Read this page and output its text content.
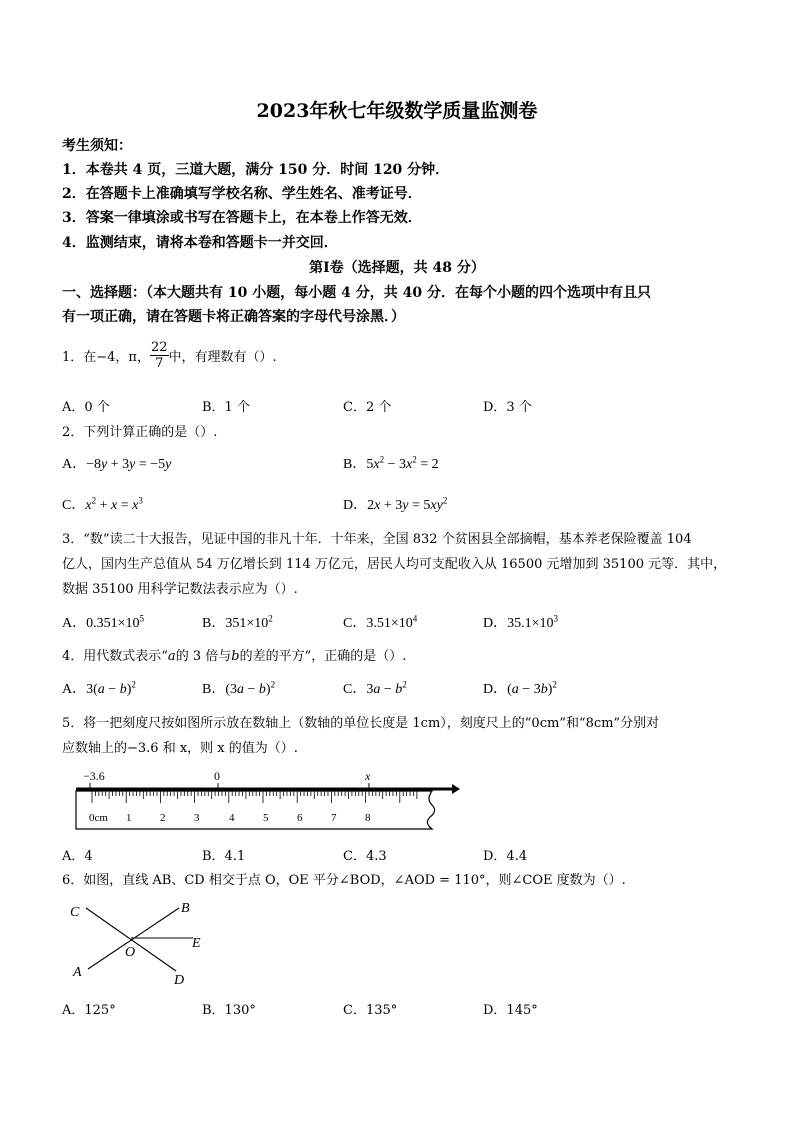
2023年秋七年级数学质量监测卷
考生须知：
1．本卷共 4 页，三道大题，满分 150 分．时间 120 分钟．
2．在答题卡上准确填写学校名称、学生姓名、准考证号．
3．答案一律填涂或书写在答题卡上，在本卷上作答无效．
4．监测结束，请将本卷和答题卡一并交回．
第Ⅰ卷（选择题，共 48 分）
一、选择题：（本大题共有 10 小题，每小题 4 分，共 40 分．在每个小题的四个选项中有且只
有一项正确，请在答题卡将正确答案的字母代号涂黑．）
1．在−4，π， $\frac{22}{7}$ 中，有理数有（）.
A．0 个	B．1 个	C．2 个	D．3 个
2．下列计算正确的是（）.
A．−8y + 3y = −5y	B．$5x^2 - 3x^2 = 2$
C．$x^2 + x = x^3$	D．$2x + 3y = 5xy^2$
3．“数”读二十大报告，见证中国的非凡十年．十年来，全国 832 个贫困县全部摘帽，基本养老保险覆盖 104
亿人，国内生产总值从 54 万亿增长到 114 万亿元，居民人均可支配收入从 16500 元增加到 35100 元等．其中，
数据 35100 用科学记数法表示应为（）.
A．$0.351\times 10^5$	B．$351\times 10^2$	C．$3.51\times 10^4$	D．$35.1\times 10^3$
4．用代数式表示“a的 3 倍与b的差的平方”，正确的是（）.
A．$3(a - b)^2$	B．$(3a - b)^2$	C．$3a - b^2$	D．$(a - 3b)^2$
5．将一把刻度尺按如图所示放在数轴上（数轴的单位长度是 1cm），刻度尺上的“0cm”和“8cm”分别对
应数轴上的−3.6 和 x，则 x 的值为（）.
−3.6	0	x
0cm 1	2	3	4	5	6	7	8
A．4	B．4.1	C．4.3	D．4.4
6．如图，直线 AB、CD 相交于点 O，OE 平分∠BOD，∠AOD = 110°，则∠COE 度数为（）.
C	B
E
O
A
D
A．125°	B．130°	C．135°	D．145°
